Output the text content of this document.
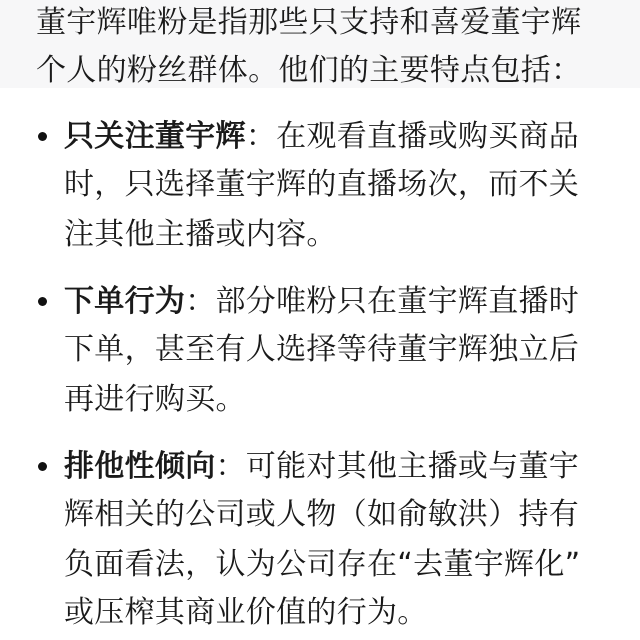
董宇辉唯粉是指那些只支持和喜爱董宇辉
个人的粉丝群体。他们的主要特点包括：
只关注董宇辉：在观看直播或购买商品
时，只选择董宇辉的直播场次，而不关
注其他主播或内容。
下单行为：部分唯粉只在董宇辉直播时
下单，甚至有人选择等待董宇辉独立后
再进行购买。
排他性倾向：可能对其他主播或与董宇
辉相关的公司或人物（如俞敏洪）持有
负面看法，认为公司存在“去董宇辉化”
或压榨其商业价值的行为。
